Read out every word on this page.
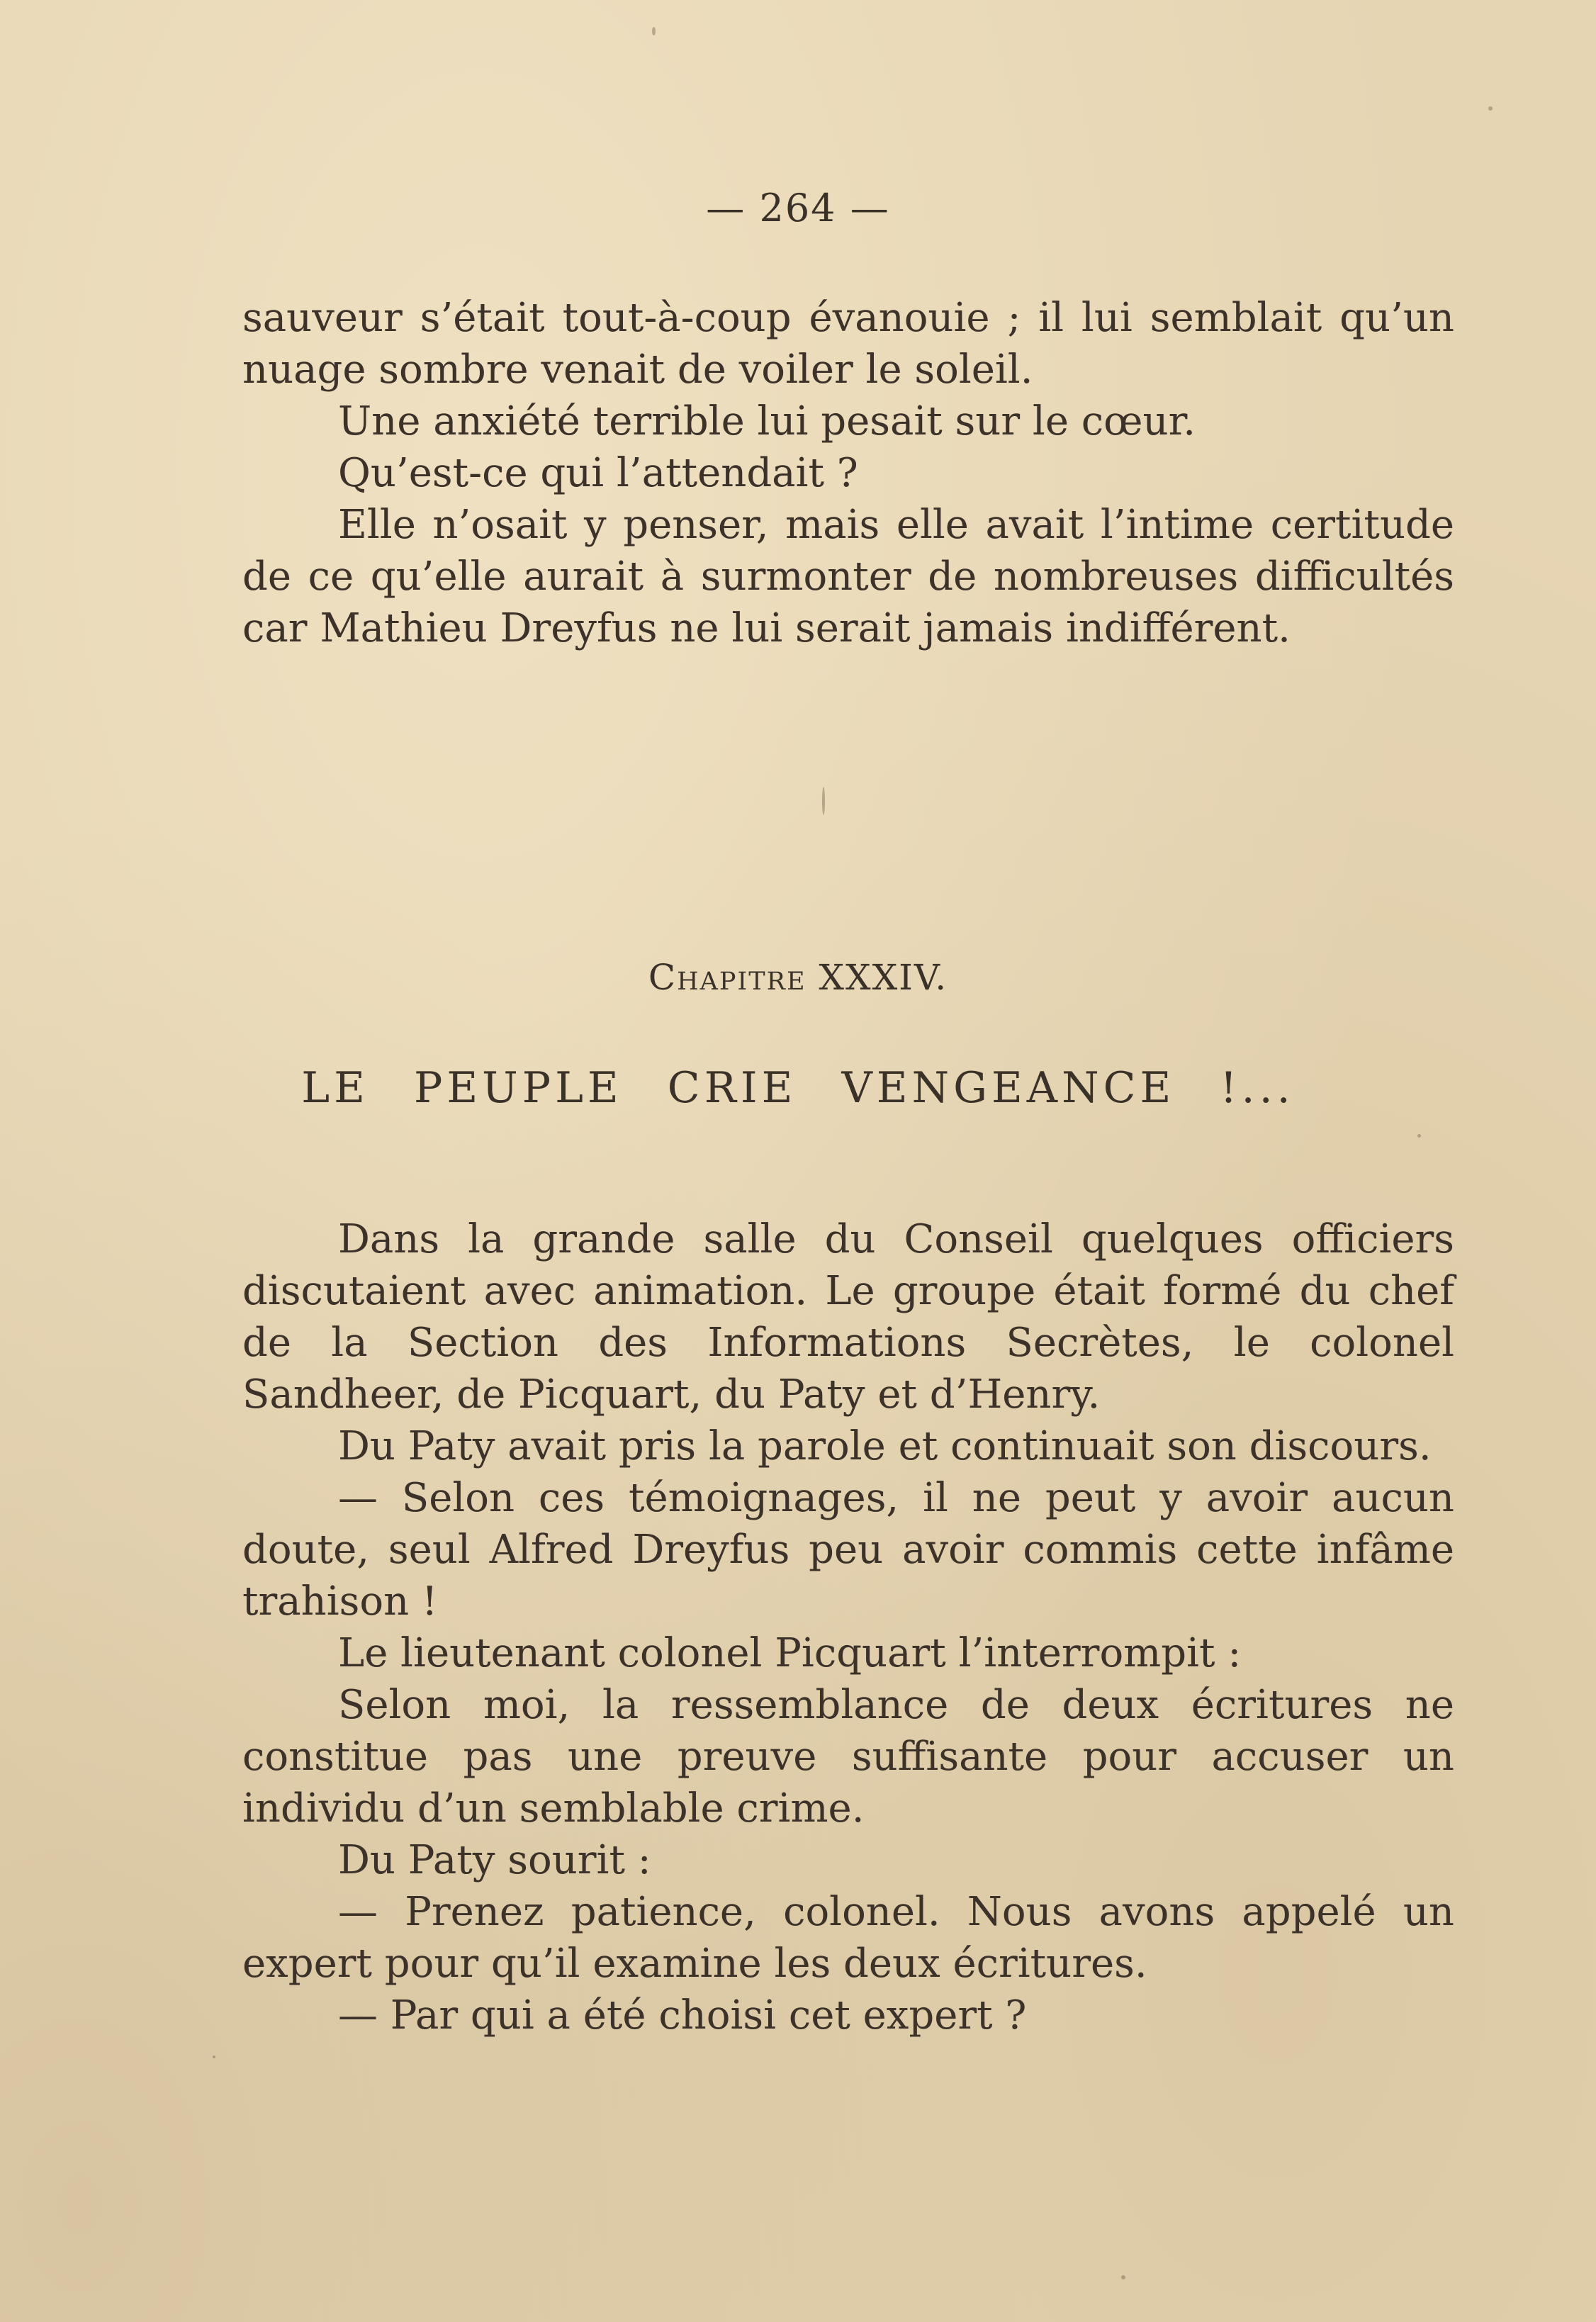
— 264 —

sauveur s’était tout-à-coup évanouie ; il lui semblait qu’un nuage sombre venait de voiler le soleil.

Une anxiété terrible lui pesait sur le cœur.

Qu’est-ce qui l’attendait ?

Elle n’osait y penser, mais elle avait l’intime certitude de ce qu’elle aurait à surmonter de nombreuses difficultés car Mathieu Dreyfus ne lui serait jamais indifférent.

Chapitre XXXIV.
LE PEUPLE CRIE VENGEANCE !...

Dans la grande salle du Conseil quelques officiers discutaient avec animation. Le groupe était formé du chef de la Section des Informations Secrètes, le colonel Sandheer, de Picquart, du Paty et d’Henry.

Du Paty avait pris la parole et continuait son discours.

— Selon ces témoignages, il ne peut y avoir aucun doute, seul Alfred Dreyfus peu avoir commis cette infâme trahison !

Le lieutenant colonel Picquart l’interrompit :

Selon moi, la ressemblance de deux écritures ne constitue pas une preuve suffisante pour accuser un individu d’un semblable crime.

Du Paty sourit :

— Prenez patience, colonel. Nous avons appelé un expert pour qu’il examine les deux écritures.

— Par qui a été choisi cet expert ?
